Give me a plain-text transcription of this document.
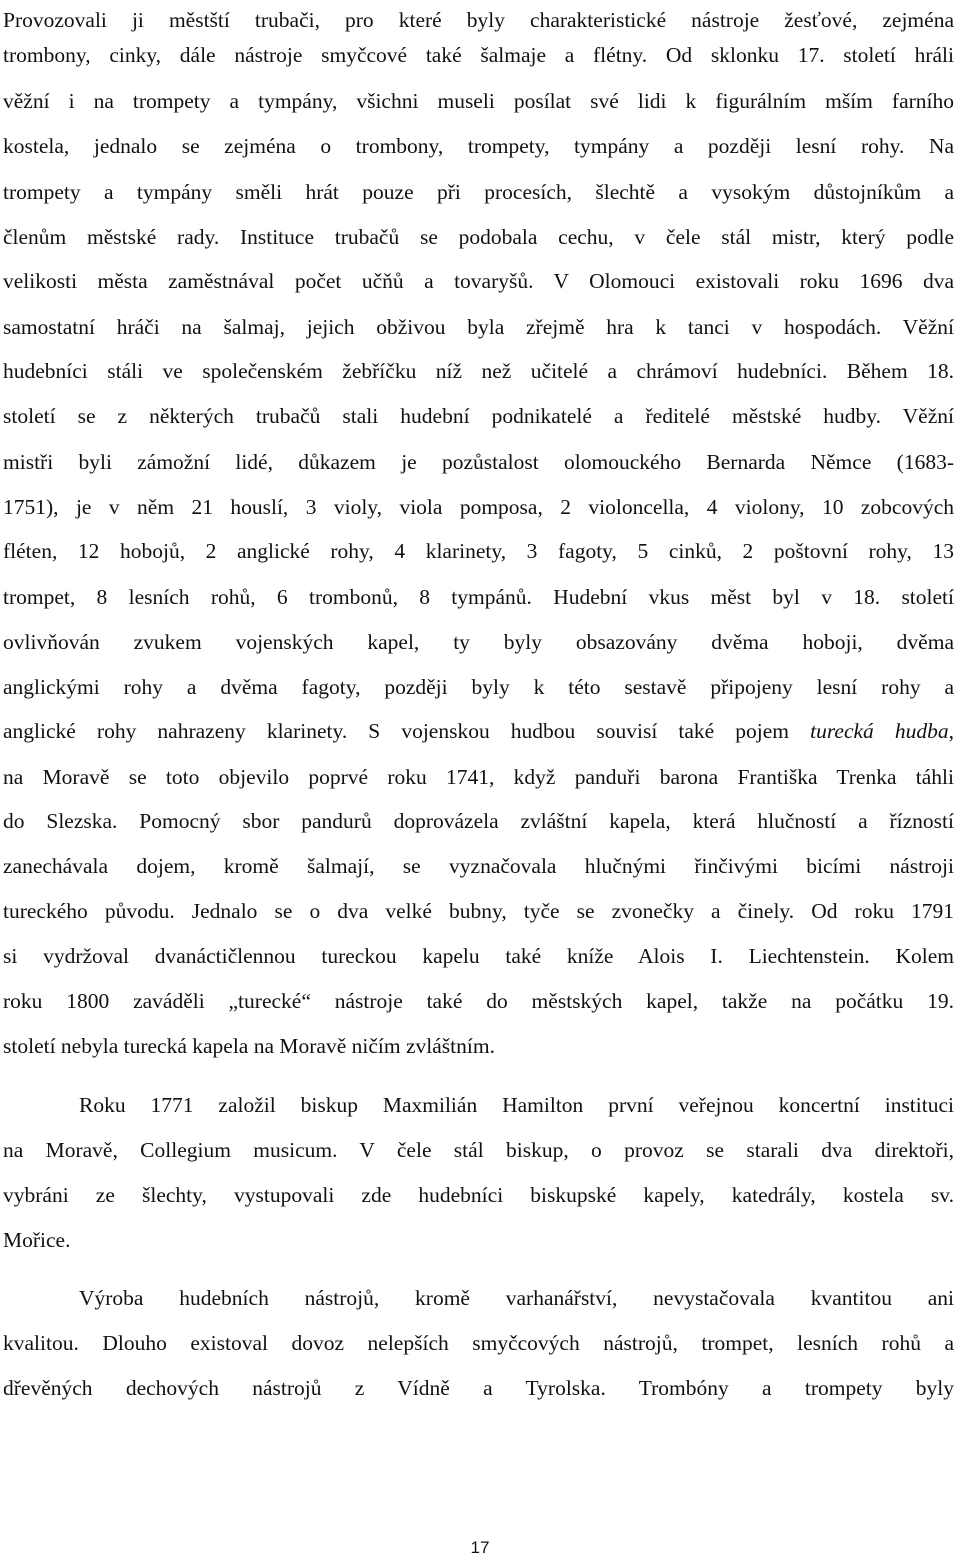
Provozovali ji městští trubači, pro které byly charakteristické nástroje žesťové, zejména
trombony, cinky, dále nástroje smyčcové také šalmaje a flétny. Od sklonku 17. století hráli
věžní i na trompety a tympány, všichni museli posílat své lidi k figurálním mším farního
kostela, jednalo se zejména o trombony, trompety, tympány a později lesní rohy. Na
trompety a tympány směli hrát pouze při procesích, šlechtě a vysokým důstojníkům a
členům městské rady. Instituce trubačů se podobala cechu, v čele stál mistr, který podle
velikosti města zaměstnával počet učňů a tovaryšů. V Olomouci existovali roku 1696 dva
samostatní hráči na šalmaj, jejich obživou byla zřejmě hra k tanci v hospodách. Věžní
hudebníci stáli ve společenském žebříčku níž než učitelé a chrámoví hudebníci. Během 18.
století se z některých trubačů stali hudební podnikatelé a ředitelé městské hudby. Věžní
mistři byli zámožní lidé, důkazem je pozůstalost olomouckého Bernarda Němce (1683-
1751), je v něm 21 houslí, 3 violy, viola pomposa, 2 violoncella, 4 violony, 10 zobcových
fléten, 12 hobojů, 2 anglické rohy, 4 klarinety, 3 fagoty, 5 cinků, 2 poštovní rohy, 13
trompet, 8 lesních rohů, 6 trombonů, 8 tympánů. Hudební vkus měst byl v 18. století
ovlivňován zvukem vojenských kapel, ty byly obsazovány dvěma hoboji, dvěma
anglickými rohy a dvěma fagoty, později byly k této sestavě připojeny lesní rohy a
anglické rohy nahrazeny klarinety. S vojenskou hudbou souvisí také pojem turecká hudba,
na Moravě se toto objevilo poprvé roku 1741, když panduři barona Františka Trenka táhli
do Slezska. Pomocný sbor pandurů doprovázela zvláštní kapela, která hlučností a řízností
zanechávala dojem, kromě šalmají, se vyznačovala hlučnými řinčivými bicími nástroji
tureckého původu. Jednalo se o dva velké bubny, tyče se zvonečky a činely. Od roku 1791
si vydržoval dvanáctičlennou tureckou kapelu také kníže Alois I. Liechtenstein. Kolem
roku 1800 zaváděli „turecké“ nástroje také do městských kapel, takže na počátku 19.
století nebyla turecká kapela na Moravě ničím zvláštním.
Roku 1771 založil biskup Maxmilián Hamilton první veřejnou koncertní instituci
na Moravě, Collegium musicum. V čele stál biskup, o provoz se starali dva direktoři,
vybráni ze šlechty, vystupovali zde hudebníci biskupské kapely, katedrály, kostela sv.
Mořice.
Výroba hudebních nástrojů, kromě varhanářství, nevystačovala kvantitou ani
kvalitou. Dlouho existoval dovoz nelepších smyčcových nástrojů, trompet, lesních rohů a
dřevěných dechových nástrojů z Vídně a Tyrolska. Trombóny a trompety byly
17
